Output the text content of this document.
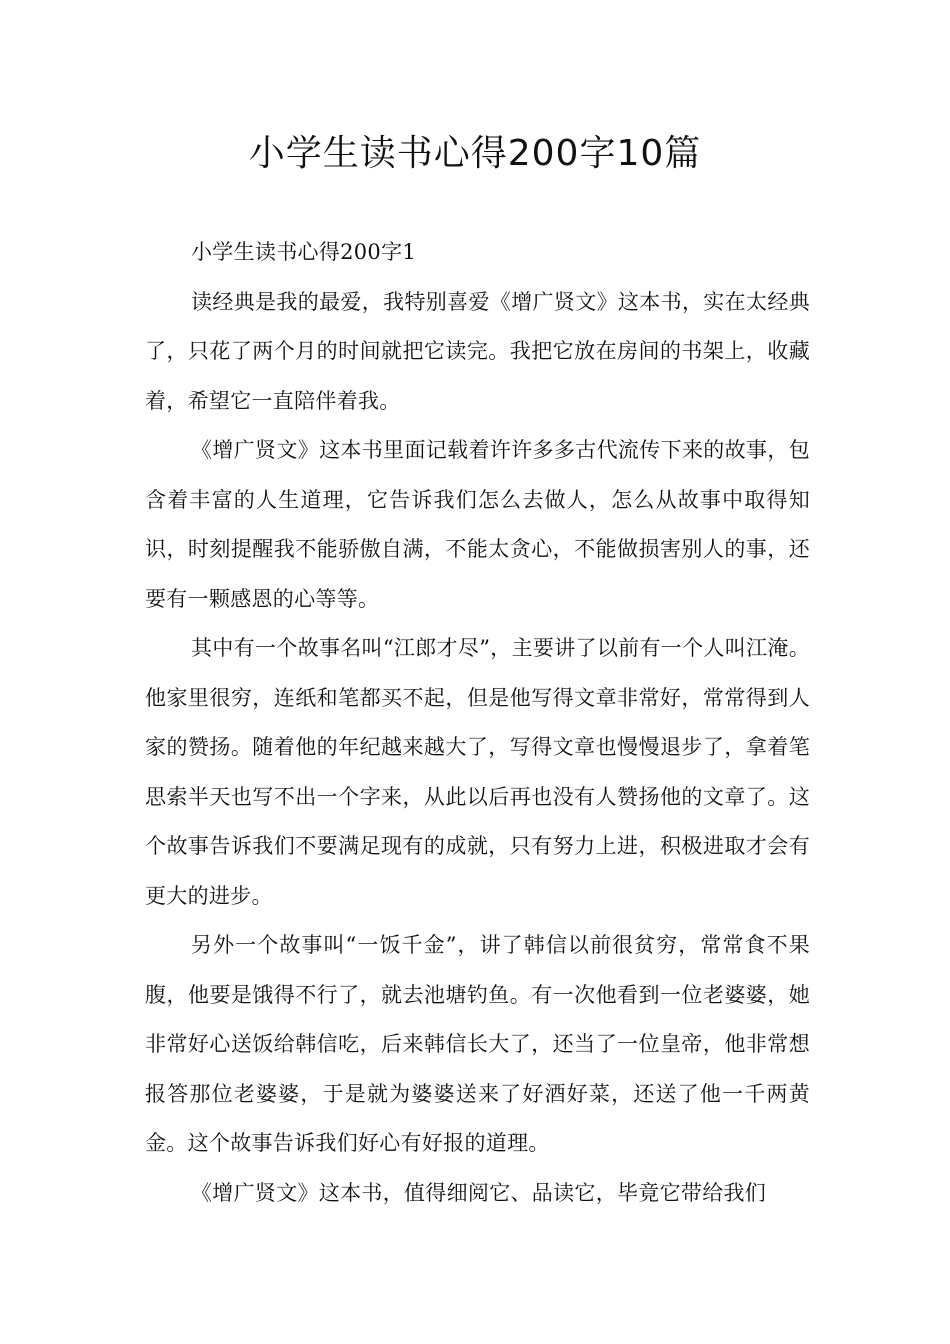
小学生读书心得200字10篇

小学生读书心得200字1

读经典是我的最爱，我特别喜爱《增广贤文》这本书，实在太经典了，只花了两个月的时间就把它读完。我把它放在房间的书架上，收藏着，希望它一直陪伴着我。

《增广贤文》这本书里面记载着许许多多古代流传下来的故事，包含着丰富的人生道理，它告诉我们怎么去做人，怎么从故事中取得知识，时刻提醒我不能骄傲自满，不能太贪心，不能做损害别人的事，还要有一颗感恩的心等等。

其中有一个故事名叫“江郎才尽”，主要讲了以前有一个人叫江淹。他家里很穷，连纸和笔都买不起，但是他写得文章非常好，常常得到人家的赞扬。随着他的年纪越来越大了，写得文章也慢慢退步了，拿着笔思索半天也写不出一个字来，从此以后再也没有人赞扬他的文章了。这个故事告诉我们不要满足现有的成就，只有努力上进，积极进取才会有更大的进步。

另外一个故事叫“一饭千金”，讲了韩信以前很贫穷，常常食不果腹，他要是饿得不行了，就去池塘钓鱼。有一次他看到一位老婆婆，她非常好心送饭给韩信吃，后来韩信长大了，还当了一位皇帝，他非常想报答那位老婆婆，于是就为婆婆送来了好酒好菜，还送了他一千两黄金。这个故事告诉我们好心有好报的道理。

《增广贤文》这本书，值得细阅它、品读它，毕竟它带给我们
